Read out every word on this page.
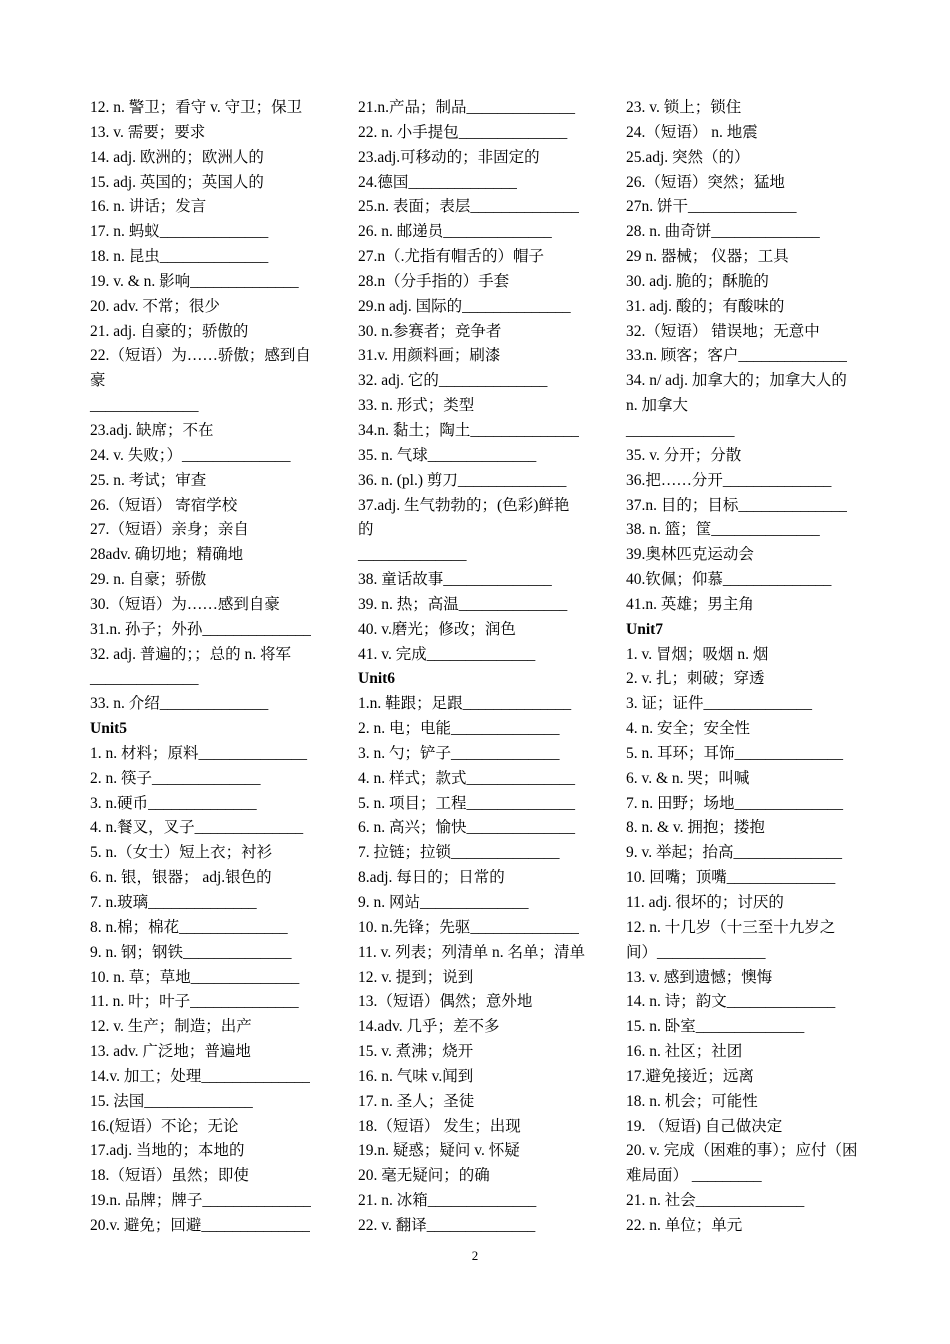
12. n. 警卫；看守 v. 守卫；保卫
13. v. 需要；要求
14. adj. 欧洲的；欧洲人的
15. adj. 英国的；英国人的
16. n. 讲话；发言
17. n. 蚂蚁______________
18. n. 昆虫______________
19. v. & n. 影响______________
20. adv. 不常；很少
21. adj. 自豪的；骄傲的
22.（短语）为……骄傲；感到自
豪
______________
23.adj. 缺席；不在
24. v. 失败；）______________
25. n. 考试；审查
26.（短语） 寄宿学校
27.（短语）亲身；亲自
28adv. 确切地；精确地
29. n. 自豪；骄傲
30.（短语）为……感到自豪
31.n. 孙子；外孙______________
32. adj. 普遍的；；总的 n. 将军
______________
33. n. 介绍______________
Unit5
1. n. 材料；原料______________
2. n. 筷子______________
3. n.硬币______________
4. n.餐叉，叉子______________
5. n.（女士）短上衣；衬衫
6. n. 银，银器； adj.银色的
7. n.玻璃______________
8. n.棉；棉花______________
9. n. 钢；钢铁______________
10. n. 草；草地______________
11. n. 叶；叶子______________
12. v. 生产；制造；出产
13. adv. 广泛地；普遍地
14.v. 加工；处理______________
15. 法国______________
16.(短语）不论；无论
17.adj. 当地的；本地的
18.（短语）虽然；即使
19.n. 品牌；牌子______________
20.v. 避免；回避______________
21.n.产品；制品______________
22. n. 小手提包______________
23.adj.可移动的；非固定的
24.德国______________
25.n. 表面；表层______________
26. n. 邮递员______________
27.n（.尤指有帽舌的）帽子
28.n（分手指的）手套
29.n adj. 国际的______________
30. n.参赛者；竞争者
31.v. 用颜料画；刷漆
32. adj. 它的______________
33. n. 形式；类型
34.n. 黏土；陶土______________
35. n. 气球______________
36. n. (pl.) 剪刀______________
37.adj. 生气勃勃的；(色彩)鲜艳
的
______________
38. 童话故事______________
39. n. 热；高温______________
40. v.磨光；修改；润色
41. v. 完成______________
Unit6
1.n. 鞋跟；足跟______________
2. n. 电；电能______________
3. n. 勺；铲子______________
4. n. 样式；款式______________
5. n. 项目；工程______________
6. n. 高兴；愉快______________
7. 拉链；拉锁______________
8.adj. 每日的；日常的
9. n. 网站______________
10. n.先锋；先驱______________
11. v. 列表；列清单 n. 名单；清单
12. v. 提到；说到
13.（短语）偶然；意外地
14.adv. 几乎；差不多
15. v. 煮沸；烧开
16. n. 气味 v.闻到
17. n. 圣人；圣徒
18.（短语） 发生；出现
19.n. 疑惑；疑问 v. 怀疑
20. 毫无疑问；的确
21. n. 冰箱______________
22. v. 翻译______________
23. v. 锁上；锁住
24.（短语） n. 地震
25.adj. 突然（的）
26.（短语）突然；猛地
27n. 饼干______________
28. n. 曲奇饼______________
29 n. 器械； 仪器；工具
30. adj. 脆的；酥脆的
31. adj. 酸的；有酸味的
32.（短语） 错误地；无意中
33.n. 顾客；客户______________
34. n/ adj. 加拿大的；加拿大人的
n. 加拿大
______________
35. v. 分开；分散
36.把……分开______________
37.n. 目的；目标______________
38. n. 篮；筐______________
39.奥林匹克运动会
40.钦佩；仰慕______________
41.n. 英雄；男主角
Unit7
1. v. 冒烟；吸烟 n. 烟
2. v. 扎；刺破；穿透
3. 证；证件______________
4. n. 安全；安全性
5. n. 耳环；耳饰______________
6. v. & n. 哭；叫喊
7. n. 田野；场地______________
8. n. & v. 拥抱；搂抱
9. v. 举起；抬高______________
10. 回嘴；顶嘴______________
11. adj. 很坏的；讨厌的
12. n. 十几岁（十三至十九岁之
间）______________
13. v. 感到遗憾；懊悔
14. n. 诗；韵文______________
15. n. 卧室______________
16. n. 社区；社团
17.避免接近；远离
18. n. 机会；可能性
19. （短语) 自己做决定
20. v. 完成（困难的事）；应付（困
难局面） _________
21. n. 社会______________
22. n. 单位；单元
2
